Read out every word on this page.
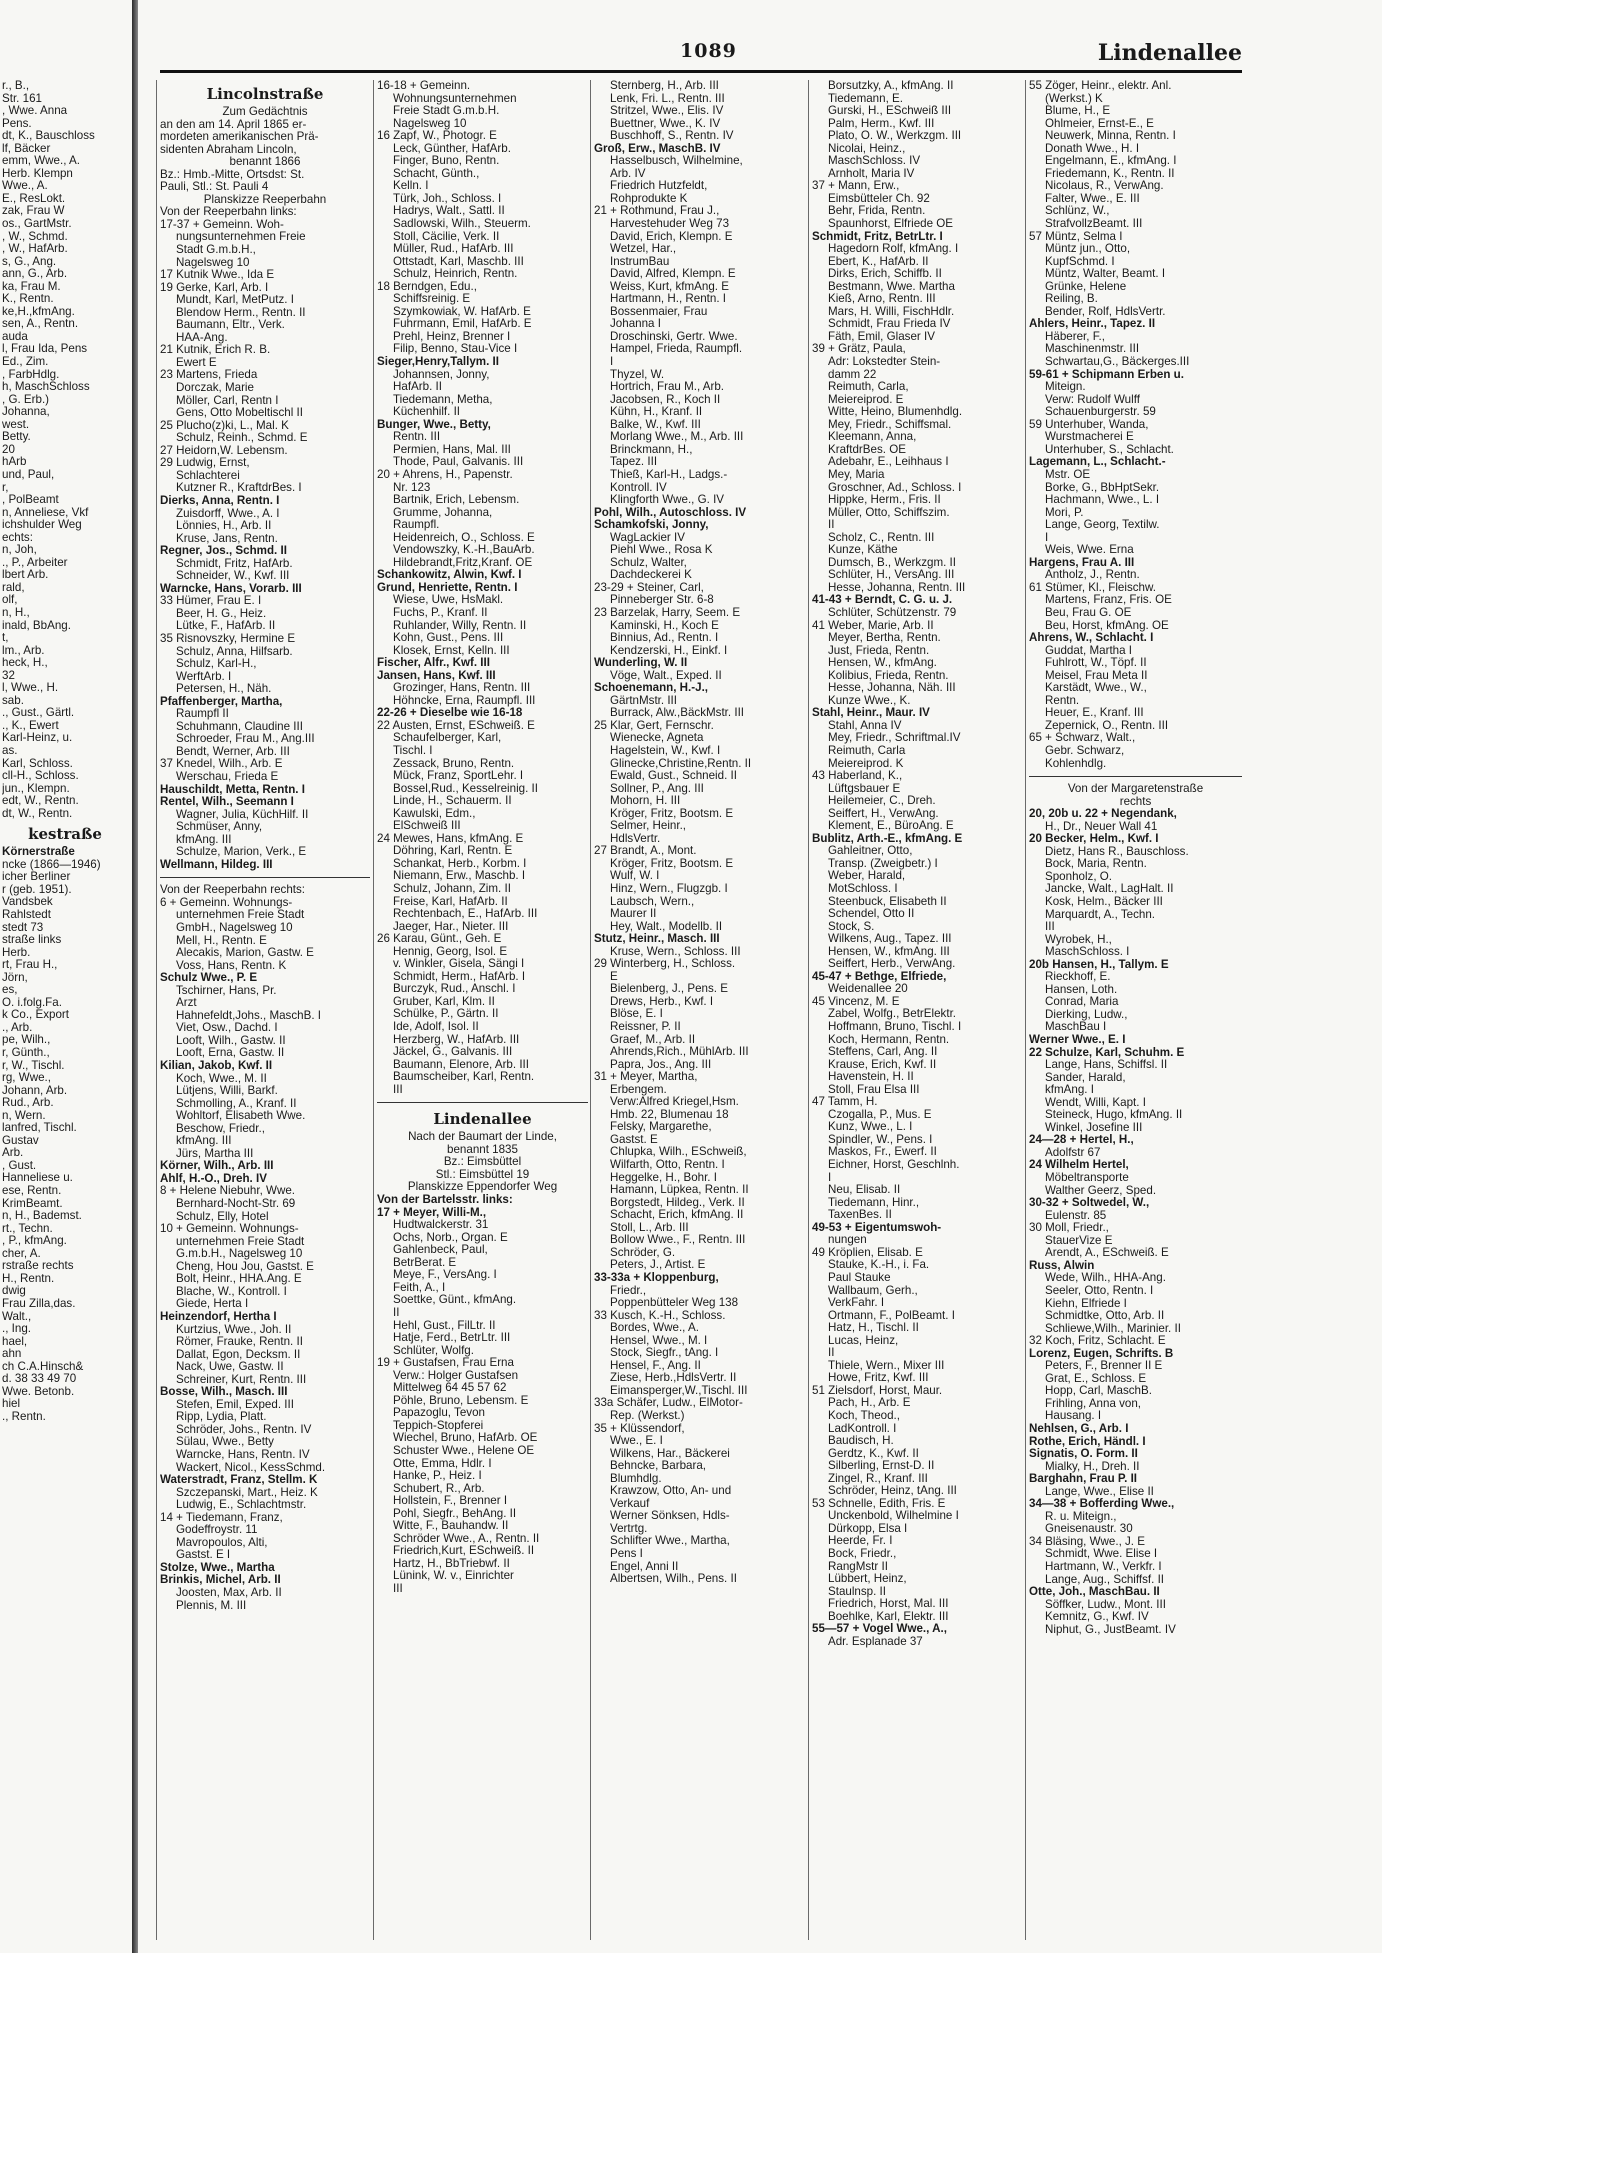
1089	Lindenallee
r., B.,
Str. 161
, Wwe. Anna
Pens.
dt, K., Bauschloss
lf, Bäcker
emm, Wwe., A.
Herb. Klempn
Wwe., A.
E., ResLokt.
zak, Frau W
os., GartMstr.
, W., Schmd.
, W., HafArb.
s, G., Ang.
ann, G., Arb.
ka, Frau M.
K., Rentn.
ke,H.,kfmAng.
sen, A., Rentn.
auda
l, Frau Ida, Pens
Ed., Zim.
, FarbHdlg.
h, MaschSchloss
, G. Erb.)
Johanna,
west.
Betty.
20
hArb
und, Paul,
r,
, PolBeamt
n, Anneliese, Vkf
ichshulder Weg
echts:
n, Joh,
., P., Arbeiter
lbert Arb.
rald,
olf,
n, H.,
inald, BbAng.
t,
lm., Arb.
heck, H.,
32
l, Wwe., H.
sab.
., Gust., Gärtl.
., K., Ewert
Karl-Heinz, u.
as.
Karl, Schloss.
cll-H., Schloss.
jun., Klempn.
edt, W., Rentn.
dt, W., Rentn.
kestraße
Körnerstraße
ncke (1866—1946)
icher Berliner
r (geb. 1951).
Vandsbek
Rahlstedt
stedt 73
straße links
Herb.
rt, Frau H.,
Jörn,
es,
O. i.folg.Fa.
k Co., Export
., Arb.
pe, Wilh.,
r, Günth.,
r, W., Tischl.
rg, Wwe.,
Johann, Arb.
Rud., Arb.
n, Wern.
lanfred, Tischl.
Gustav
Arb.
, Gust.
Hanneliese u.
ese, Rentn.
KrimBeamt.
n, H., Bademst.
rt., Techn.
, P., kfmAng.
cher, A.
rstraße rechts
H., Rentn.
dwig
Frau Zilla,das.
Walt.,
., Ing.
hael,
ahn
ch C.A.Hinsch&
d. 38 33 49 70
Wwe. Betonb.
hiel
., Rentn.
Lincolnstraße
Zum Gedächtnis
an den am 14. April 1865 er-
mordeten amerikanischen Prä-
sidenten Abraham Lincoln,
benannt 1866
Bz.: Hmb.-Mitte, Ortsdst: St.
Pauli, Stl.: St. Pauli 4
Planskizze Reeperbahn
Von der Reeperbahn links:
17-37 + Gemeinn. Woh-
nungsunternehmen Freie
Stadt G.m.b.H.,
Nagelsweg 10
17 Kutnik Wwe., Ida E
19 Gerke, Karl, Arb. I
Mundt, Karl, MetPutz. I
Blendow Herm., Rentn. II
Baumann, Eltr., Verk.
HAA-Ang.
21 Kutnik, Erich R. B.
Ewert E
23 Martens, Frieda
Dorczak, Marie
Möller, Carl, Rentn I
Gens, Otto Mobeltischl II
25 Plucho(z)ki, L., Mal. K
Schulz, Reinh., Schmd. E
27 Heidorn,W. Lebensm.
29 Ludwig, Ernst,
Schlachterei
Kutzner R., KraftdrBes. I
Dierks, Anna, Rentn. I
Zuisdorff, Wwe., A. I
Lönnies, H., Arb. II
Kruse, Jans, Rentn.
Regner, Jos., Schmd. II
Schmidt, Fritz, HafArb.
Schneider, W., Kwf. III
Warncke, Hans, Vorarb. III
33 Hümer, Frau E. I
Beer, H. G., Heiz.
Lütke, F., HafArb. II
35 Risnovszky, Hermine E
Schulz, Anna, Hilfsarb.
Schulz, Karl-H.,
WerftArb. I
Petersen, H., Näh.
Pfaffenberger, Martha,
Raumpfl II
Schuhmann, Claudine III
Schroeder, Frau M., Ang.III
Bendt, Werner, Arb. III
37 Knedel, Wilh., Arb. E
Werschau, Frieda E
Hauschildt, Metta, Rentn. I
Rentel, Wilh., Seemann I
Wagner, Julia, KüchHilf. II
Schmüser, Anny,
kfmAng. III
Schulze, Marion, Verk., E
Wellmann, Hildeg. III
Von der Reeperbahn rechts:
6 + Gemeinn. Wohnungs-
unternehmen Freie Stadt
GmbH., Nagelsweg 10
Mell, H., Rentn. E
Alecakis, Marion, Gastw. E
Voss, Hans, Rentn. K
Schulz Wwe., P. E
Tschirner, Hans, Pr.
Arzt
Hahnefeldt,Johs., MaschB. I
Viet, Osw., Dachd. I
Looft, Wilh., Gastw. II
Looft, Erna, Gastw. II
Kilian, Jakob, Kwf. II
Koch, Wwe., M. II
Lütjens, Willi, Barkf.
Schmolling, A., Kranf. II
Wohltorf, Elisabeth Wwe.
Beschow, Friedr.,
kfmAng. III
Jürs, Martha III
Körner, Wilh., Arb. III
Ahlf, H.-O., Dreh. IV
8 + Helene Niebuhr, Wwe.
Bernhard-Nocht-Str. 69
Schulz, Elly, Hotel
10 + Gemeinn. Wohnungs-
unternehmen Freie Stadt
G.m.b.H., Nagelsweg 10
Cheng, Hou Jou, Gastst. E
Bolt, Heinr., HHA.Ang. E
Blache, W., Kontroll. I
Giede, Herta I
Heinzendorf, Hertha I
Kurtzius, Wwe., Joh. II
Römer, Frauke, Rentn. II
Dallat, Egon, Decksm. II
Nack, Uwe, Gastw. II
Schreiner, Kurt, Rentn. III
Bosse, Wilh., Masch. III
Stefen, Emil, Exped. III
Ripp, Lydia, Platt.
Schröder, Johs., Rentn. IV
Sülau, Wwe., Betty
Warncke, Hans, Rentn. IV
Wackert, Nicol., KessSchmd.
Waterstradt, Franz, Stellm. K
Szczepanski, Mart., Heiz. K
Ludwig, E., Schlachtmstr.
14 + Tiedemann, Franz,
Godeffroystr. 11
Mavropoulos, Alti,
Gastst. E I
Stolze, Wwe., Martha
Brinkis, Michel, Arb. II
Joosten, Max, Arb. II
Plennis, M. III
16-18 + Gemeinn.
Wohnungsunternehmen
Freie Stadt G.m.b.H.
Nagelsweg 10
16 Zapf, W., Photogr. E
Leck, Günther, HafArb.
Finger, Buno, Rentn.
Schacht, Günth.,
Kelln. I
Türk, Joh., Schloss. I
Hadrys, Walt., Sattl. II
Sadlowski, Wilh., Steuerm.
Stoll, Cäcilie, Verk. II
Müller, Rud., HafArb. III
Ottstadt, Karl, Maschb. III
Schulz, Heinrich, Rentn.
18 Berndgen, Edu.,
Schiffsreinig. E
Szymkowiak, W. HafArb. E
Fuhrmann, Emil, HafArb. E
Prehl, Heinz, Brenner I
Filip, Benno, Stau-Vice I
Sieger,Henry,Tallym. II
Johannsen, Jonny,
HafArb. II
Tiedemann, Metha,
Küchenhilf. II
Bunger, Wwe., Betty,
Rentn. III
Permien, Hans, Mal. III
Thode, Paul, Galvanis. III
20 + Ahrens, H., Papenstr.
Nr. 123
Bartnik, Erich, Lebensm.
Grumme, Johanna,
Raumpfl.
Heidenreich, O., Schloss. E
Vendowszky, K.-H.,BauArb.
Hildebrandt,Fritz,Kranf. OE
Schankowitz, Alwin, Kwf. I
Grund, Henriette, Rentn. I
Wiese, Uwe, HsMakl.
Fuchs, P., Kranf. II
Ruhlander, Willy, Rentn. II
Kohn, Gust., Pens. III
Klosek, Ernst, Kelln. III
Fischer, Alfr., Kwf. III
Jansen, Hans, Kwf. III
Grozinger, Hans, Rentn. III
Höhncke, Erna, Raumpfl. III
22-26 + Dieselbe wie 16-18
22 Austen, Ernst, ESchweiß. E
Schaufelberger, Karl,
Tischl. I
Zessack, Bruno, Rentn.
Mück, Franz, SportLehr. I
Bossel,Rud., Kesselreinig. II
Linde, H., Schauerm. II
Kawulski, Edm.,
ElSchweiß III
24 Mewes, Hans, kfmAng. E
Döhring, Karl, Rentn. E
Schankat, Herb., Korbm. I
Niemann, Erw., Maschb. I
Schulz, Johann, Zim. II
Freise, Karl, HafArb. II
Rechtenbach, E., HafArb. III
Jaeger, Har., Nieter. III
26 Karau, Günt., Geh. E
Hennig, Georg, Isol. E
v. Winkler, Gisela, Sängi I
Schmidt, Herm., HafArb. I
Burczyk, Rud., Anschl. I
Gruber, Karl, Klm. II
Schülke, P., Gärtn. II
Ide, Adolf, Isol. II
Herzberg, W., HafArb. III
Jäckel, G., Galvanis. III
Baumann, Elenore, Arb. III
Baumscheiber, Karl, Rentn.
III
Lindenallee
Nach der Baumart der Linde,
benannt 1835
Bz.: Eimsbüttel
Stl.: Eimsbüttel 19
Planskizze Eppendorfer Weg
Von der Bartelsstr. links:
17 + Meyer, Willi-M.,
Hudtwalckerstr. 31
Ochs, Norb., Organ. E
Gahlenbeck, Paul,
BetrBerat. E
Meye, F., VersAng. I
Feith, A., I
Soettke, Günt., kfmAng.
II
Hehl, Gust., FilLtr. II
Hatje, Ferd., BetrLtr. III
Schlüter, Wolfg.
19 + Gustafsen, Frau Erna
Verw.: Holger Gustafsen
Mittelweg 64 45 57 62
Pöhle, Bruno, Lebensm. E
Papazoglu, Tevon
Teppich-Stopferei
Wiechel, Bruno, HafArb. OE
Schuster Wwe., Helene OE
Otte, Emma, Hdlr. I
Hanke, P., Heiz. I
Schubert, R., Arb.
Hollstein, F., Brenner I
Pohl, Siegfr., BehAng. II
Witte, F., Bauhandw. II
Schröder Wwe., A., Rentn. II
Friedrich,Kurt, ESchweiß. II
Hartz, H., BbTriebwf. II
Lünink, W. v., Einrichter
III
Sternberg, H., Arb. III
Lenk, Fri. L., Rentn. III
Stritzel, Wwe., Elis. IV
Buettner, Wwe., K. IV
Buschhoff, S., Rentn. IV
Groß, Erw., MaschB. IV
Hasselbusch, Wilhelmine,
Arb. IV
Friedrich Hutzfeldt,
Rohprodukte K
21 + Rothmund, Frau J.,
Harvestehuder Weg 73
David, Erich, Klempn. E
Wetzel, Har.,
InstrumBau
David, Alfred, Klempn. E
Weiss, Kurt, kfmAng. E
Hartmann, H., Rentn. I
Bossenmaier, Frau
Johanna I
Droschinski, Gertr. Wwe.
Hampel, Frieda, Raumpfl.
I
Thyzel, W.
Hortrich, Frau M., Arb.
Jacobsen, R., Koch II
Kühn, H., Kranf. II
Balke, W., Kwf. III
Morlang Wwe., M., Arb. III
Brinckmann, H.,
Tapez. III
Thieß, Karl-H., Ladgs.-
Kontroll. IV
Klingforth Wwe., G. IV
Pohl, Wilh., Autoschloss. IV
Schamkofski, Jonny,
WagLackier IV
Piehl Wwe., Rosa K
Schulz, Walter,
Dachdeckerei K
23-29 + Steiner, Carl,
Pinneberger Str. 6-8
23 Barzelak, Harry, Seem. E
Kaminski, H., Koch E
Binnius, Ad., Rentn. I
Kendzerski, H., Einkf. I
Wunderling, W. II
Vöge, Walt., Exped. II
Schoenemann, H.-J.,
GärtnMstr. III
Burrack, Alw.,BäckMstr. III
25 Klar, Gert, Fernschr.
Wienecke, Agneta
Hagelstein, W., Kwf. I
Glinecke,Christine,Rentn. II
Ewald, Gust., Schneid. II
Sollner, P., Ang. III
Mohorn, H. III
Kröger, Fritz, Bootsm. E
Selmer, Heinr.,
HdlsVertr.
27 Brandt, A., Mont.
Kröger, Fritz, Bootsm. E
Wulf, W. I
Hinz, Wern., Flugzgb. I
Laubsch, Wern.,
Maurer II
Hey, Walt., Modellb. II
Stutz, Heinr., Masch. III
Kruse, Wern., Schloss. III
29 Winterberg, H., Schloss.
E
Bielenberg, J., Pens. E
Drews, Herb., Kwf. I
Blöse, E. I
Reissner, P. II
Graef, M., Arb. II
Ahrends,Rich., MühlArb. III
Papra, Jos., Ang. III
31 + Meyer, Martha,
Erbengem.
Verw:Alfred Kriegel,Hsm.
Hmb. 22, Blumenau 18
Felsky, Margarethe,
Gastst. E
Chlupka, Wilh., ESchweiß,
Wilfarth, Otto, Rentn. I
Heggelke, H., Bohr. I
Hamann, Lüpkea, Rentn. II
Borgstedt, Hildeg., Verk. II
Schacht, Erich, kfmAng. II
Stoll, L., Arb. III
Bollow Wwe., F., Rentn. III
Schröder, G.
Peters, J., Artist. E
33-33a + Kloppenburg,
Friedr.,
Poppenbütteler Weg 138
33 Kusch, K.-H., Schloss.
Bordes, Wwe., A.
Hensel, Wwe., M. I
Stock, Siegfr., tAng. I
Hensel, F., Ang. II
Ziese, Herb.,HdlsVertr. II
Eimansperger,W.,Tischl. III
33a Schäfer, Ludw., ElMotor-
Rep. (Werkst.)
35 + Klüssendorf,
Wwe., E. I
Wilkens, Har., Bäckerei
Behncke, Barbara,
Blumhdlg.
Krawzow, Otto, An- und
Verkauf
Werner Sönksen, Hdls-
Vertrtg.
Schlifter Wwe., Martha,
Pens I
Engel, Anni II
Albertsen, Wilh., Pens. II
Borsutzky, A., kfmAng. II
Tiedemann, E.
Gurski, H., ESchweiß III
Palm, Herm., Kwf. III
Plato, O. W., Werkzgm. III
Nicolai, Heinz.,
MaschSchloss. IV
Arnholt, Maria IV
37 + Mann, Erw.,
Eimsbütteler Ch. 92
Behr, Frida, Rentn.
Spaunhorst, Elfriede OE
Schmidt, Fritz, BetrLtr. I
Hagedorn Rolf, kfmAng. I
Ebert, K., HafArb. II
Dirks, Erich, Schiffb. II
Bestmann, Wwe. Martha
Kieß, Arno, Rentn. III
Mars, H. Willi, FischHdlr.
Schmidt, Frau Frieda IV
Fäth, Emil, Glaser IV
39 + Grätz, Paula,
Adr: Lokstedter Stein-
damm 22
Reimuth, Carla,
Meiereiprod. E
Witte, Heino, Blumenhdlg.
Mey, Friedr., Schiffsmal.
Kleemann, Anna,
KraftdrBes. OE
Adebahr, E., Leihhaus I
Mey, Maria
Groschner, Ad., Schloss. I
Hippke, Herm., Fris. II
Müller, Otto, Schiffszim.
II
Scholz, C., Rentn. III
Kunze, Käthe
Dumsch, B., Werkzgm. II
Schlüter, H., VersAng. III
Hesse, Johanna, Rentn. III
41-43 + Berndt, C. G. u. J.
Schlüter, Schützenstr. 79
41 Weber, Marie, Arb. II
Meyer, Bertha, Rentn.
Just, Frieda, Rentn.
Hensen, W., kfmAng.
Kolibius, Frieda, Rentn.
Hesse, Johanna, Näh. III
Kunze Wwe., K.
Stahl, Heinr., Maur. IV
Stahl, Anna IV
Mey, Friedr., Schriftmal.IV
Reimuth, Carla
Meiereiprod. K
43 Haberland, K.,
Lüftgsbauer E
Heilemeier, C., Dreh.
Seiffert, H., VerwAng.
Klement, E., BüroAng. E
Bublitz, Arth.-E., kfmAng. E
Gahleitner, Otto,
Transp. (Zweigbetr.) I
Weber, Harald,
MotSchloss. I
Steenbuck, Elisabeth II
Schendel, Otto II
Stock, S.
Wilkens, Aug., Tapez. III
Hensen, W., kfmAng. III
Seiffert, Herb., VerwAng.
45-47 + Bethge, Elfriede,
Weidenallee 20
45 Vincenz, M. E
Zabel, Wolfg., BetrElektr.
Hoffmann, Bruno, Tischl. I
Koch, Hermann, Rentn.
Steffens, Carl, Ang. II
Krause, Erich, Kwf. II
Havenstein, H. II
Stoll, Frau Elsa III
47 Tamm, H.
Czogalla, P., Mus. E
Kunz, Wwe., L. I
Spindler, W., Pens. I
Maskos, Fr., Ewerf. II
Eichner, Horst, Geschlnh.
I
Neu, Elisab. II
Tiedemann, Hinr.,
TaxenBes. II
49-53 + Eigentumswoh-
nungen
49 Kröplien, Elisab. E
Stauke, K.-H., i. Fa.
Paul Stauke
Wallbaum, Gerh.,
VerkFahr. I
Ortmann, F., PolBeamt. I
Hatz, H., Tischl. II
Lucas, Heinz,
II
Thiele, Wern., Mixer III
Howe, Fritz, Kwf. III
51 Zielsdorf, Horst, Maur.
Pach, H., Arb. E
Koch, Theod.,
LadKontroll. I
Baudisch, H.
Gerdtz, K., Kwf. II
Silberling, Ernst-D. II
Zingel, R., Kranf. III
Schröder, Heinz, tAng. III
53 Schnelle, Edith, Fris. E
Unckenbold, Wilhelmine I
Dürkopp, Elsa I
Heerde, Fr. I
Bock, Friedr.,
RangMstr II
Lübbert, Heinz,
Staulnsp. II
Friedrich, Horst, Mal. III
Boehlke, Karl, Elektr. III
55—57 + Vogel Wwe., A.,
Adr. Esplanade 37
55 Zöger, Heinr., elektr. Anl.
(Werkst.) K
Blume, H., E
Ohlmeier, Ernst-E., E
Neuwerk, Minna, Rentn. I
Donath Wwe., H. I
Engelmann, E., kfmAng. I
Friedemann, K., Rentn. II
Nicolaus, R., VerwAng.
Falter, Wwe., E. III
Schlünz, W.,
StrafvollzBeamt. III
57 Müntz, Selma I
Müntz jun., Otto,
KupfSchmd. I
Müntz, Walter, Beamt. I
Grünke, Helene
Reiling, B.
Bender, Rolf, HdlsVertr.
Ahlers, Heinr., Tapez. II
Häberer, F.,
Maschinenmstr. III
Schwartau,G., Bäckerges.III
59-61 + Schipmann Erben u.
Miteign.
Verw: Rudolf Wulff
Schauenburgerstr. 59
59 Unterhuber, Wanda,
Wurstmacherei E
Unterhuber, S., Schlacht.
Lagemann, L., Schlacht.-
Mstr. OE
Borke, G., BbHptSekr.
Hachmann, Wwe., L. I
Mori, P.
Lange, Georg, Textilw.
I
Weis, Wwe. Erna
Hargens, Frau A. III
Antholz, J., Rentn.
61 Stümer, Kl., Fleischw.
Martens, Franz, Fris. OE
Beu, Frau G. OE
Beu, Horst, kfmAng. OE
Ahrens, W., Schlacht. I
Guddat, Martha I
Fuhlrott, W., Töpf. II
Meisel, Frau Meta II
Karstädt, Wwe., W.,
Rentn.
Heuer, E., Kranf. III
Zepernick, O., Rentn. III
65 + Schwarz, Walt.,
Gebr. Schwarz,
Kohlenhdlg.
Von der Margaretenstraße
rechts
20, 20b u. 22 + Negendank,
H., Dr., Neuer Wall 41
20 Becker, Helm., Kwf. I
Dietz, Hans R., Bauschloss.
Bock, Maria, Rentn.
Sponholz, O.
Jancke, Walt., LagHalt. II
Kosk, Helm., Bäcker III
Marquardt, A., Techn.
III
Wyrobek, H.,
MaschSchloss. I
20b Hansen, H., Tallym. E
Rieckhoff, E.
Hansen, Loth.
Conrad, Maria
Dierking, Ludw.,
MaschBau I
Werner Wwe., E. I
22 Schulze, Karl, Schuhm. E
Lange, Hans, Schiffsl. II
Sander, Harald,
kfmAng. I
Wendt, Willi, Kapt. I
Steineck, Hugo, kfmAng. II
Winkel, Josefine III
24—28 + Hertel, H.,
Adolfstr 67
24 Wilhelm Hertel,
Möbeltransporte
Walther Geerz, Sped.
30-32 + Soltwedel, W.,
Eulenstr. 85
30 Moll, Friedr.,
StauerVize E
Arendt, A., ESchweiß. E
Russ, Alwin
Wede, Wilh., HHA-Ang.
Seeler, Otto, Rentn. I
Kiehn, Elfriede I
Schmidtke, Otto, Arb. II
Schliewe,Wilh., Marinier. II
32 Koch, Fritz, Schlacht. E
Lorenz, Eugen, Schrifts. B
Peters, F., Brenner II E
Grat, E., Schloss. E
Hopp, Carl, MaschB.
Frihling, Anna von,
Hausang. I
Nehlsen, G., Arb. I
Rothe, Erich, Händl. I
Signatis, O. Form. II
Mialky, H., Dreh. II
Barghahn, Frau P. II
Lange, Wwe., Elise II
34—38 + Bofferding Wwe.,
R. u. Miteign.,
Gneisenaustr. 30
34 Bläsing, Wwe., J. E
Schmidt, Wwe. Elise I
Hartmann, W., Verkfr. I
Lange, Aug., Schiffsf. II
Otte, Joh., MaschBau. II
Söffker, Ludw., Mont. III
Kemnitz, G., Kwf. IV
Niphut, G., JustBeamt. IV
